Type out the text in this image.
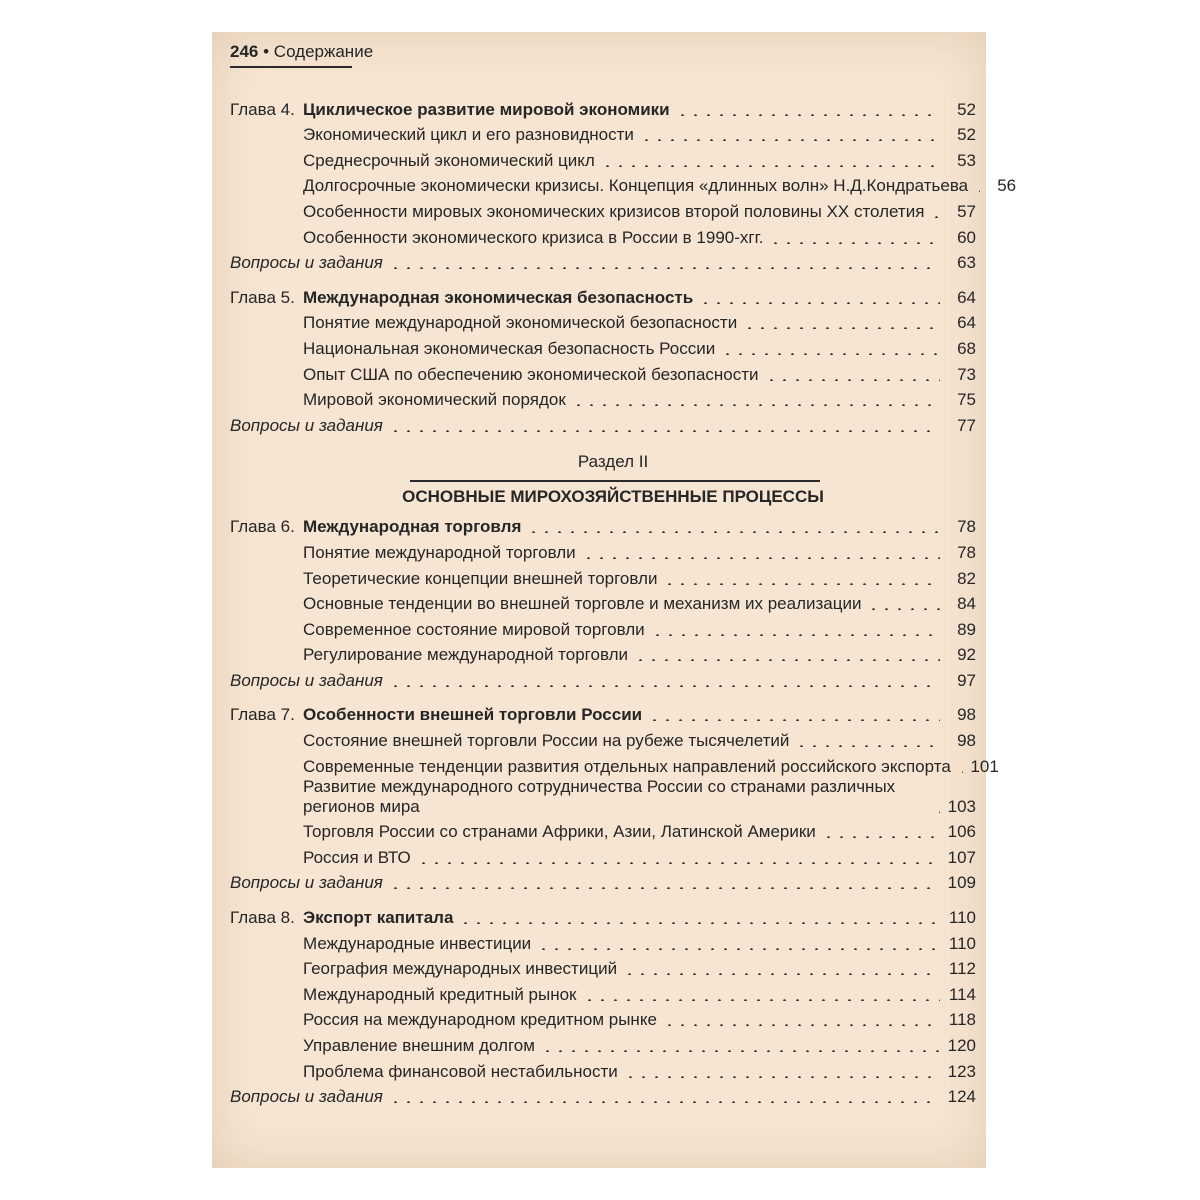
246 • Содержание
Глава 4. Циклическое развитие мировой экономики	52
Экономический цикл и его разновидности	52
Среднесрочный экономический цикл	53
Долгосрочные экономически кризисы. Концепция «длинных волн» Н.Д.Кондратьева	56
Особенности мировых экономических кризисов второй половины XX столетия	57
Особенности экономического кризиса в России в 1990-хгг.	60
Вопросы и задания	63
Глава 5. Международная экономическая безопасность	64
Понятие международной экономической безопасности	64
Национальная экономическая безопасность России	68
Опыт США по обеспечению экономической безопасности	73
Мировой экономический порядок	75
Вопросы и задания	77
Раздел II
ОСНОВНЫЕ МИРОХОЗЯЙСТВЕННЫЕ ПРОЦЕССЫ
Глава 6. Международная торговля	78
Понятие международной торговли	78
Теоретические концепции внешней торговли	82
Основные тенденции во внешней торговле и механизм их реализации	84
Современное состояние мировой торговли	89
Регулирование международной торговли	92
Вопросы и задания	97
Глава 7. Особенности внешней торговли России	98
Состояние внешней торговли России на рубеже тысячелетий	98
Современные тенденции развития отдельных направлений российского экспорта 101
Развитие международного сотрудничества России со странами различных регионов мира	103
Торговля России со странами Африки, Азии, Латинской Америки	106
Россия и ВТО	107
Вопросы и задания	109
Глава 8. Экспорт капитала	110
Международные инвестиции	110
География международных инвестиций	112
Международный кредитный рынок	114
Россия на международном кредитном рынке	118
Управление внешним долгом	120
Проблема финансовой нестабильности	123
Вопросы и задания	124
